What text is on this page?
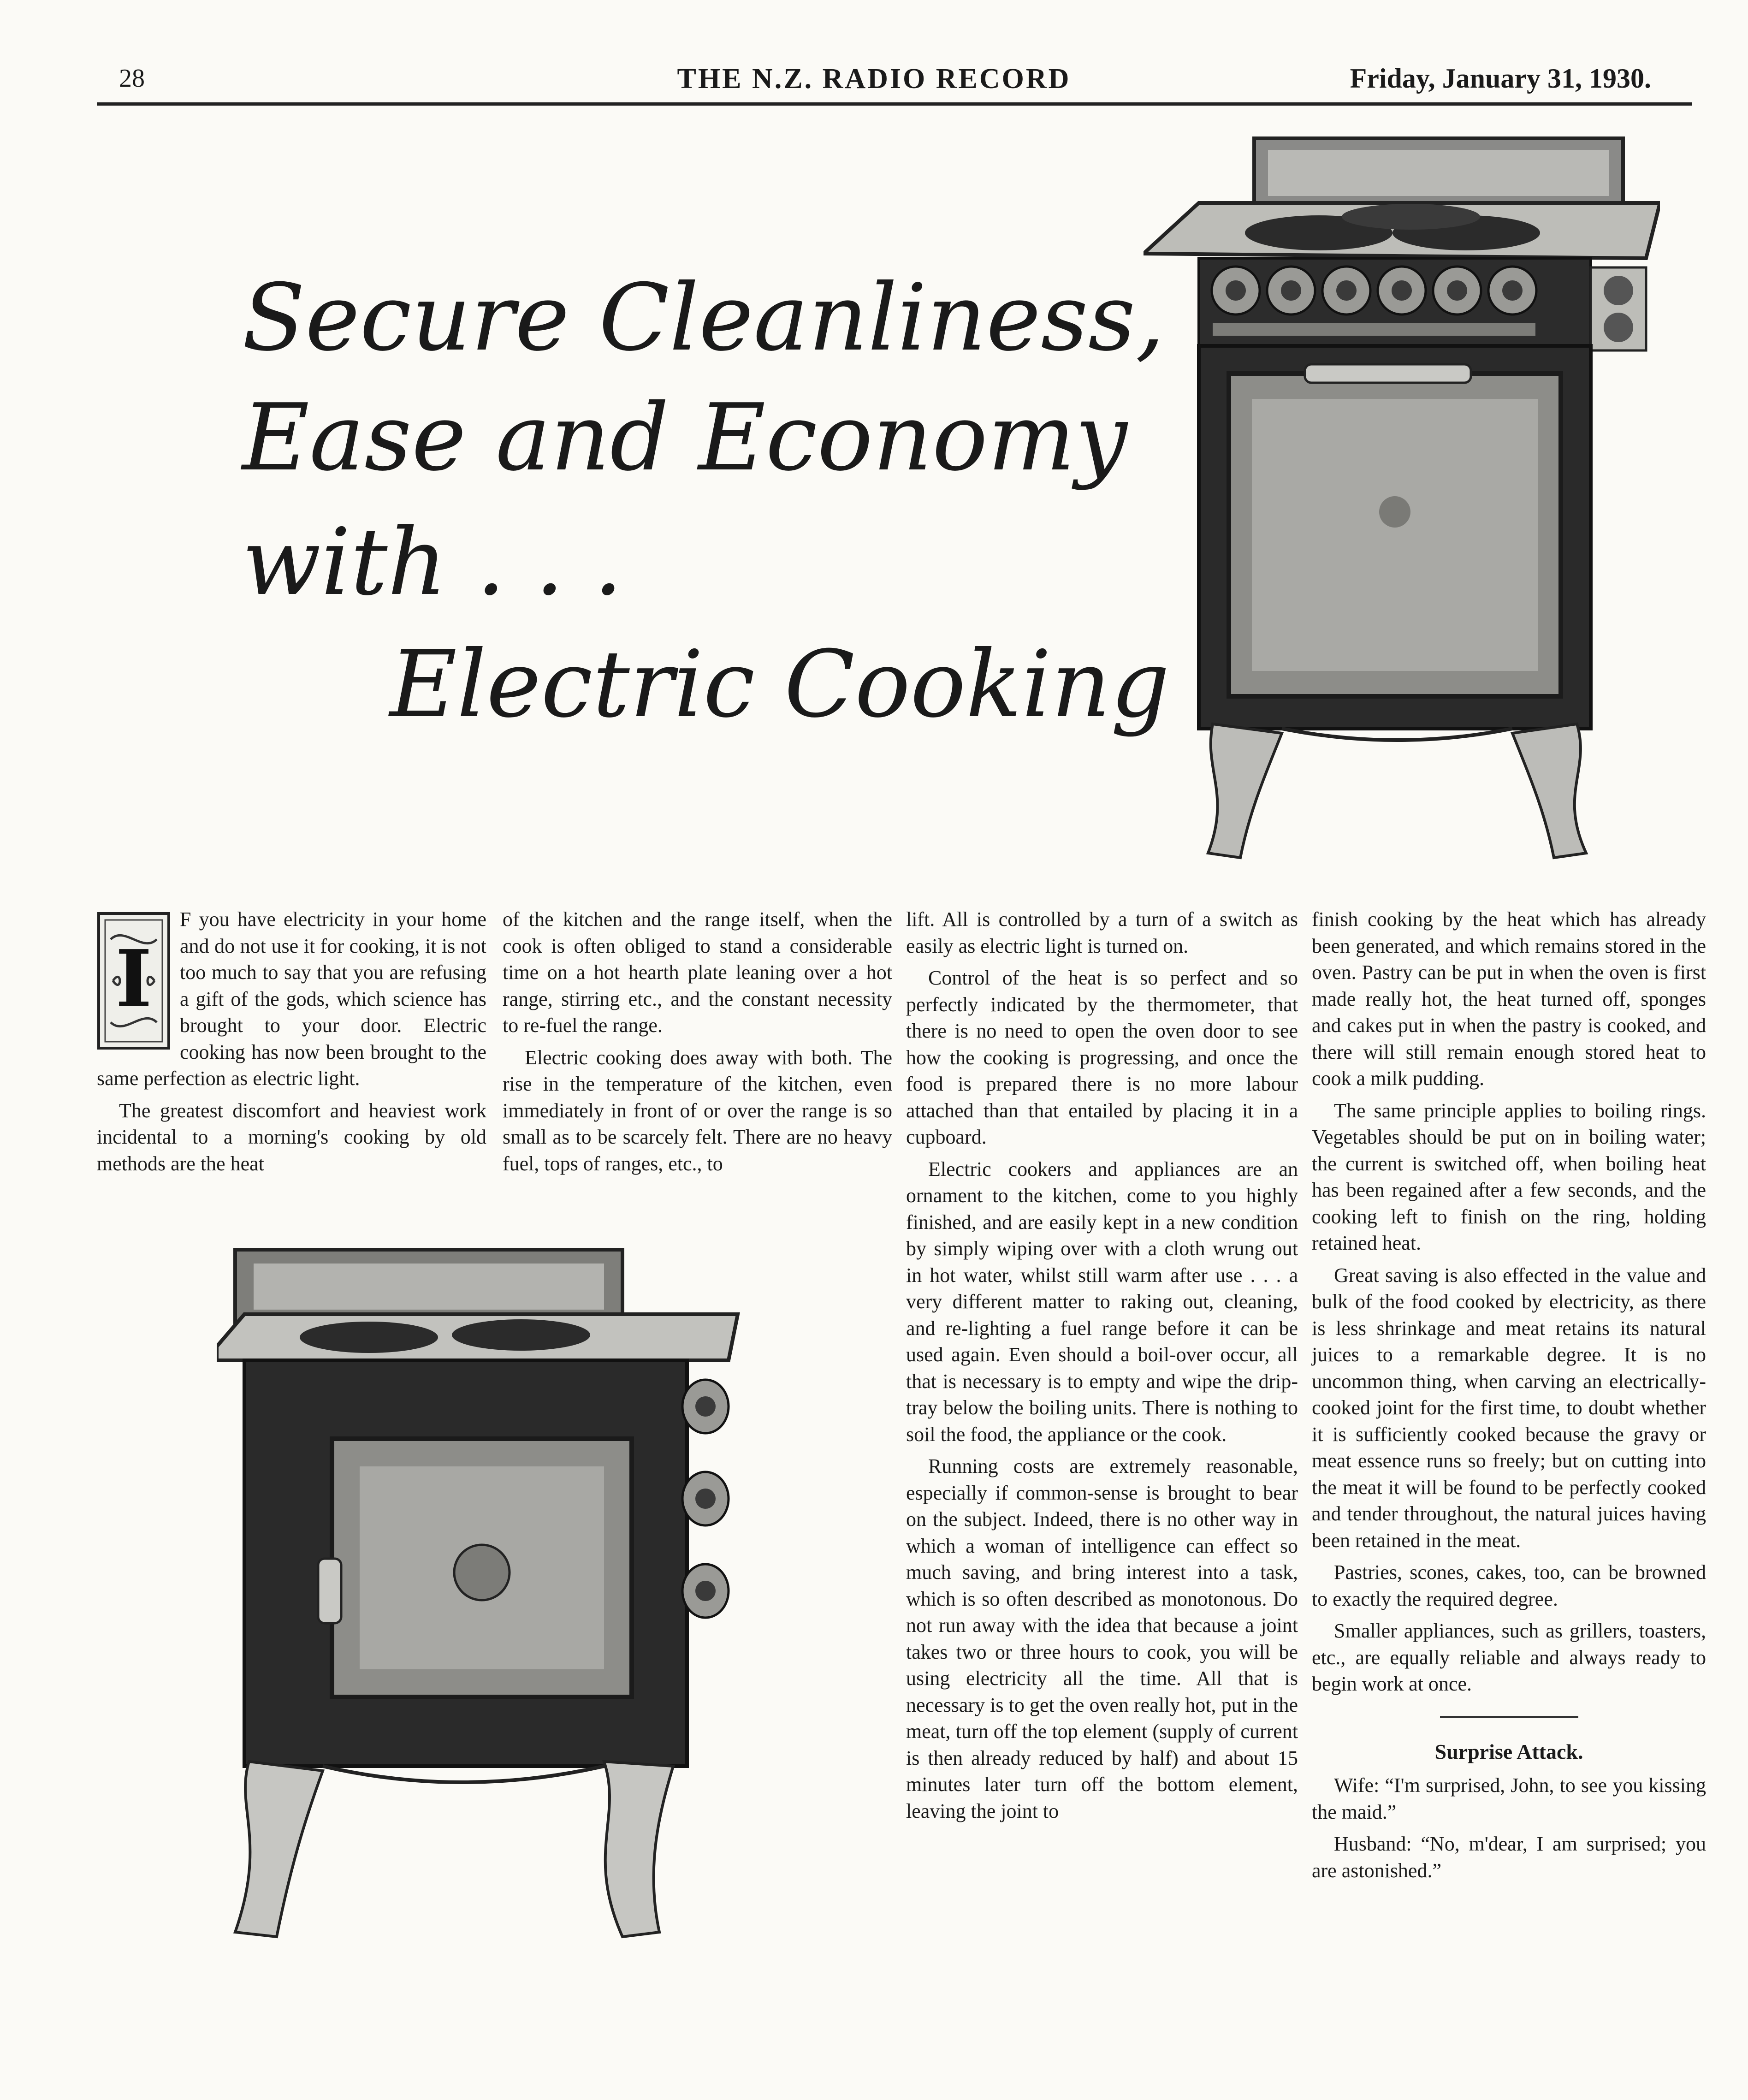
28	THE N.Z. RADIO RECORD	Friday, January 31, 1930.
Secure Cleanliness,
Ease and Economy
with . . .
Electric Cooking
I

F you have electricity in your home and do not use it for cooking, it is not too much to say that you are refusing a gift of the gods, which science has brought to your door. Electric cooking has now been brought to the same perfection as electric light.

The greatest discomfort and heaviest work incidental to a morning's cooking by old methods are the heat

of the kitchen and the range itself, when the cook is often obliged to stand a considerable time on a hot hearth plate leaning over a hot range, stirring etc., and the constant necessity to re-fuel the range.

Electric cooking does away with both. The rise in the temperature of the kitchen, even immediately in front of or over the range is so small as to be scarcely felt. There are no heavy fuel, tops of ranges, etc., to

lift. All is controlled by a turn of a switch as easily as electric light is turned on.

Control of the heat is so perfect and so perfectly indicated by the thermometer, that there is no need to open the oven door to see how the cooking is progressing, and once the food is prepared there is no more labour attached than that entailed by placing it in a cupboard.

Electric cookers and appliances are an ornament to the kitchen, come to you highly finished, and are easily kept in a new condition by simply wiping over with a cloth wrung out in hot water, whilst still warm after use . . . a very different matter to raking out, cleaning, and re-lighting a fuel range before it can be used again. Even should a boil-over occur, all that is necessary is to empty and wipe the drip-tray below the boiling units. There is nothing to soil the food, the appliance or the cook.

Running costs are extremely reasonable, especially if common-sense is brought to bear on the subject. Indeed, there is no other way in which a woman of intelligence can effect so much saving, and bring interest into a task, which is so often described as monotonous. Do not run away with the idea that because a joint takes two or three hours to cook, you will be using electricity all the time. All that is necessary is to get the oven really hot, put in the meat, turn off the top element (supply of current is then already reduced by half) and about 15 minutes later turn off the bottom element, leaving the joint to

finish cooking by the heat which has already been generated, and which remains stored in the oven. Pastry can be put in when the oven is first made really hot, the heat turned off, sponges and cakes put in when the pastry is cooked, and there will still remain enough stored heat to cook a milk pudding.

The same principle applies to boiling rings. Vegetables should be put on in boiling water; the current is switched off, when boiling heat has been regained after a few seconds, and the cooking left to finish on the ring, holding retained heat.

Great saving is also effected in the value and bulk of the food cooked by electricity, as there is less shrinkage and meat retains its natural juices to a remarkable degree. It is no uncommon thing, when carving an electrically-cooked joint for the first time, to doubt whether it is sufficiently cooked because the gravy or meat essence runs so freely; but on cutting into the meat it will be found to be perfectly cooked and tender throughout, the natural juices having been retained in the meat.

Pastries, scones, cakes, too, can be browned to exactly the required degree.

Smaller appliances, such as grillers, toasters, etc., are equally reliable and always ready to begin work at once.

Surprise Attack.

Wife: “I'm surprised, John, to see you kissing the maid.”

Husband: “No, m'dear, I am surprised; you are astonished.”
